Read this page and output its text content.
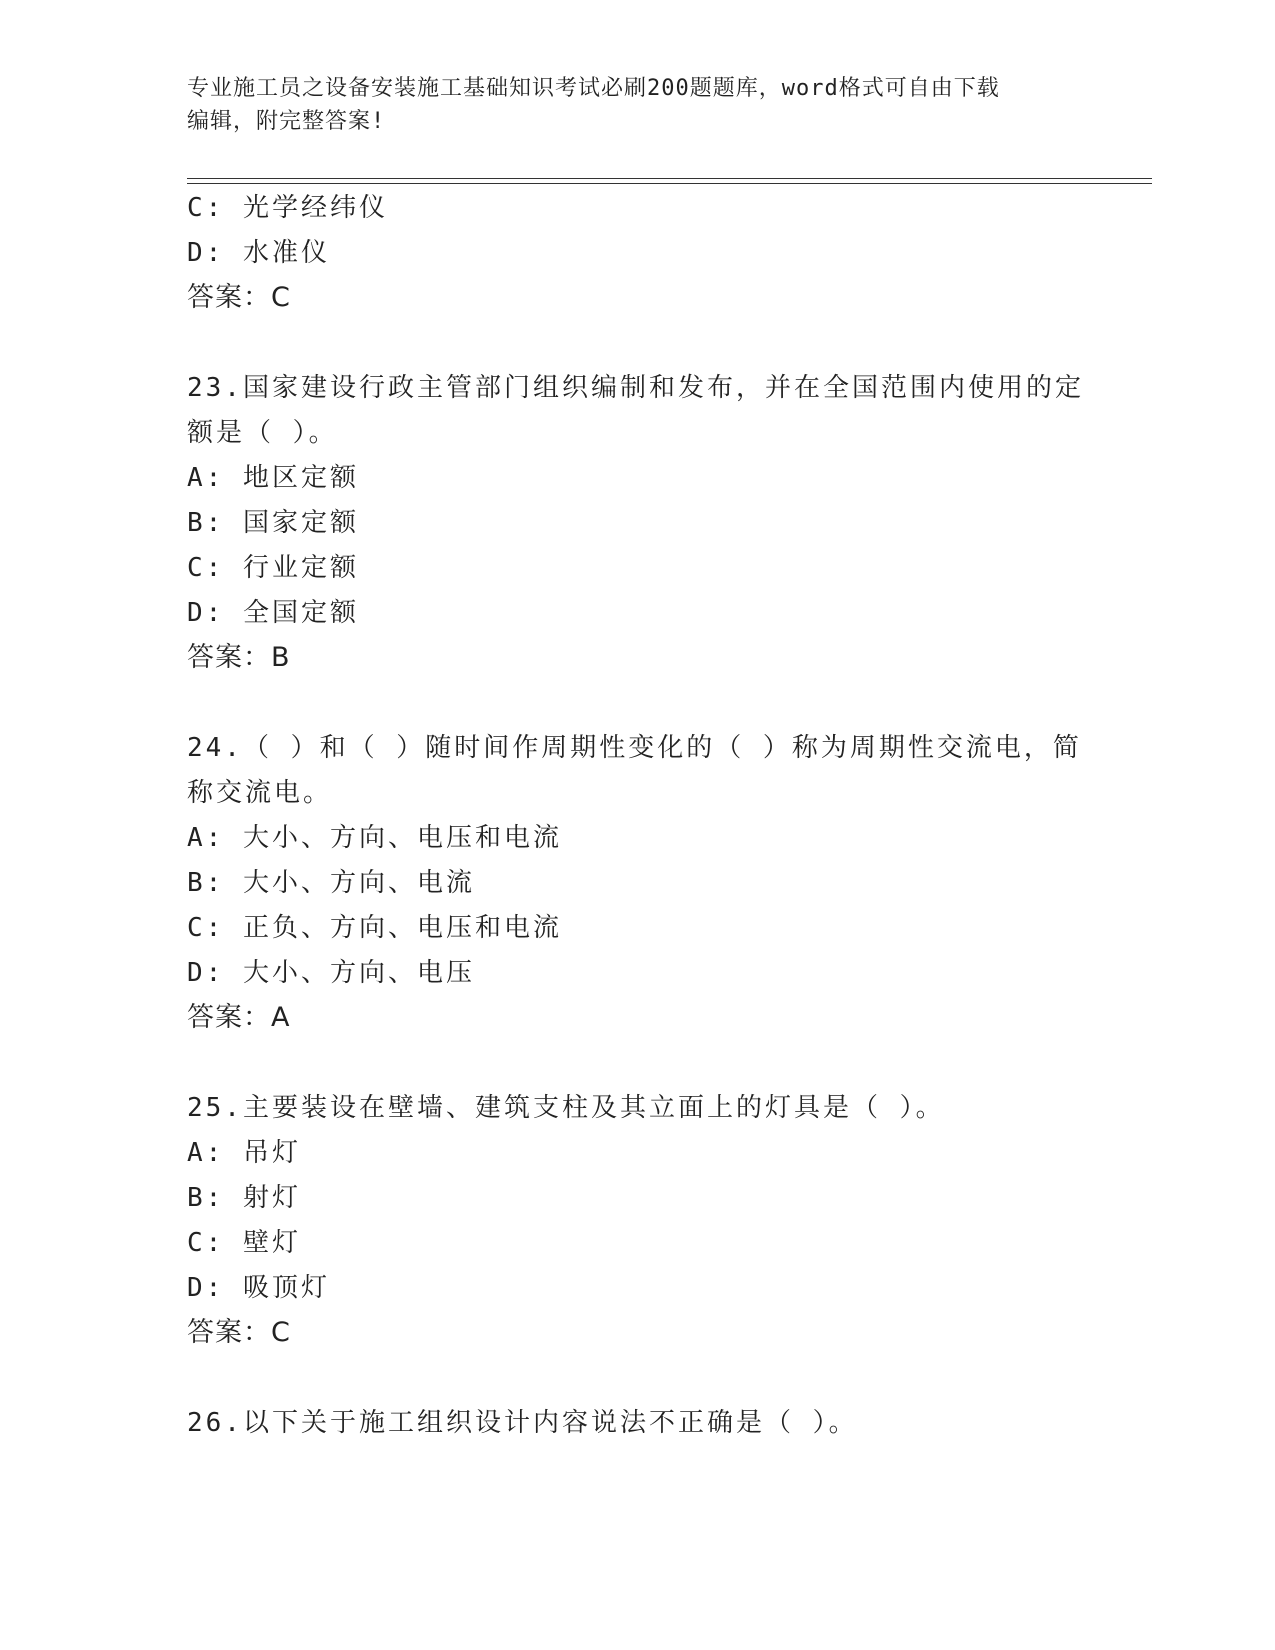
专业施工员之设备安装施工基础知识考试必刷200题题库，word格式可自由下载
编辑，附完整答案!
C: 光学经纬仪
D: 水准仪
答案：C
23.国家建设行政主管部门组织编制和发布，并在全国范围内使用的定
额是（ ）。
A: 地区定额
B: 国家定额
C: 行业定额
D: 全国定额
答案：B
24.（ ）和（ ）随时间作周期性变化的（ ）称为周期性交流电，简
称交流电。
A: 大小、方向、电压和电流
B: 大小、方向、电流
C: 正负、方向、电压和电流
D: 大小、方向、电压
答案：A
25.主要装设在壁墙、建筑支柱及其立面上的灯具是（ ）。
A: 吊灯
B: 射灯
C: 壁灯
D: 吸顶灯
答案：C
26.以下关于施工组织设计内容说法不正确是（ ）。
